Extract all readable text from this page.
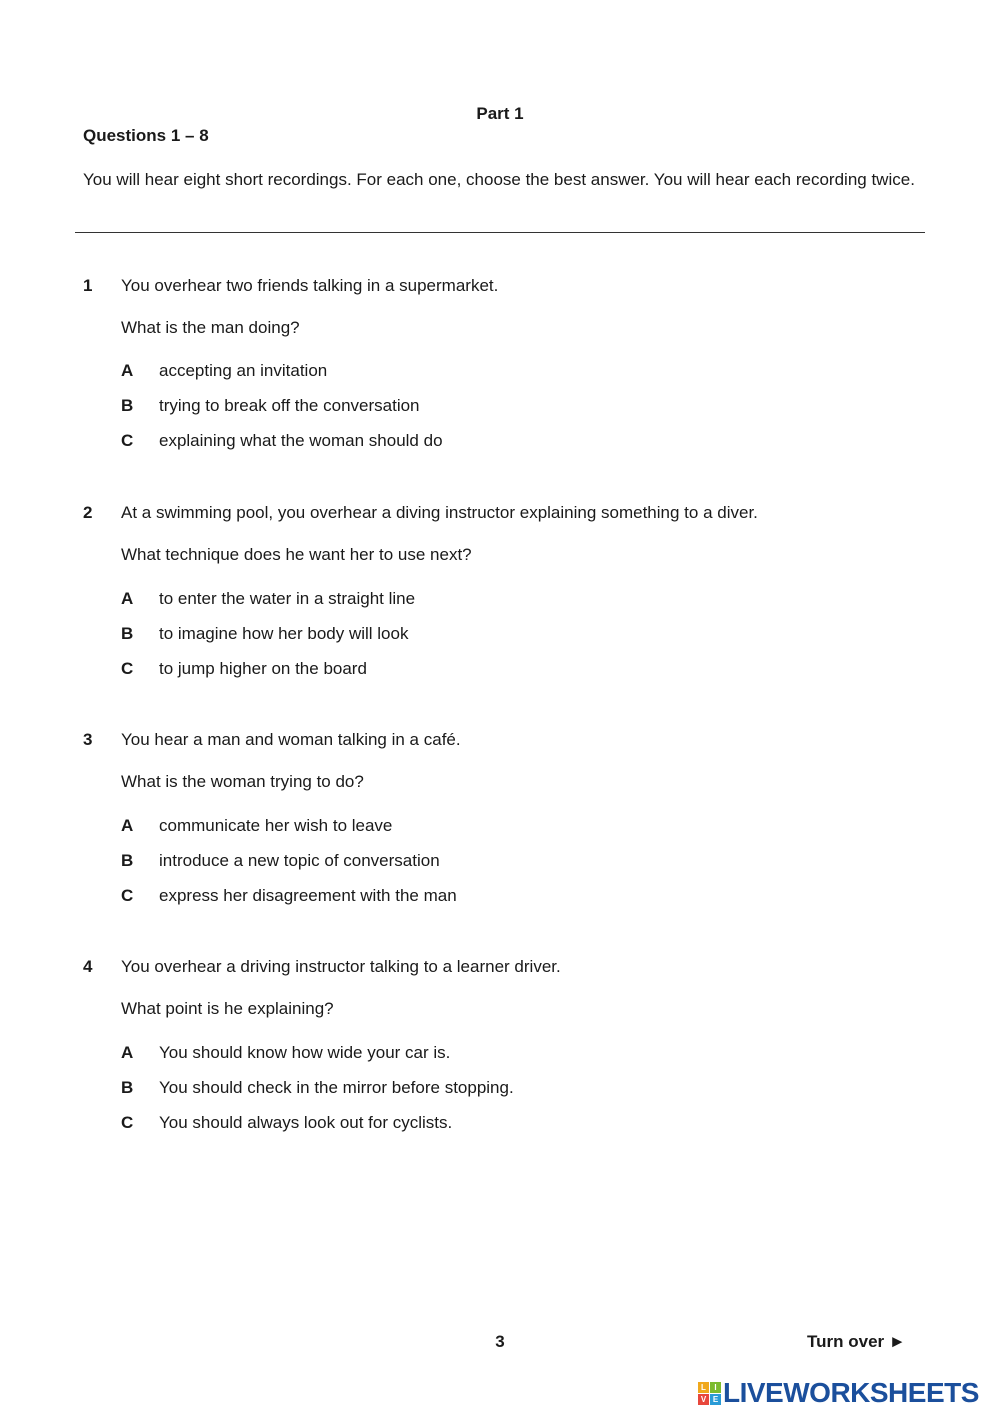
Part 1
Questions 1 – 8
You will hear eight short recordings. For each one, choose the best answer. You will hear each recording twice.
1 You overhear two friends talking in a supermarket.
What is the man doing?
A accepting an invitation
B trying to break off the conversation
C explaining what the woman should do
2 At a swimming pool, you overhear a diving instructor explaining something to a diver.
What technique does he want her to use next?
A to enter the water in a straight line
B to imagine how her body will look
C to jump higher on the board
3 You hear a man and woman talking in a café.
What is the woman trying to do?
A communicate her wish to leave
B introduce a new topic of conversation
C express her disagreement with the man
4 You overhear a driving instructor talking to a learner driver.
What point is he explaining?
A You should know how wide your car is.
B You should check in the mirror before stopping.
C You should always look out for cyclists.
3	Turn over ►
L	I
V E LIVEWORKSHEETS
